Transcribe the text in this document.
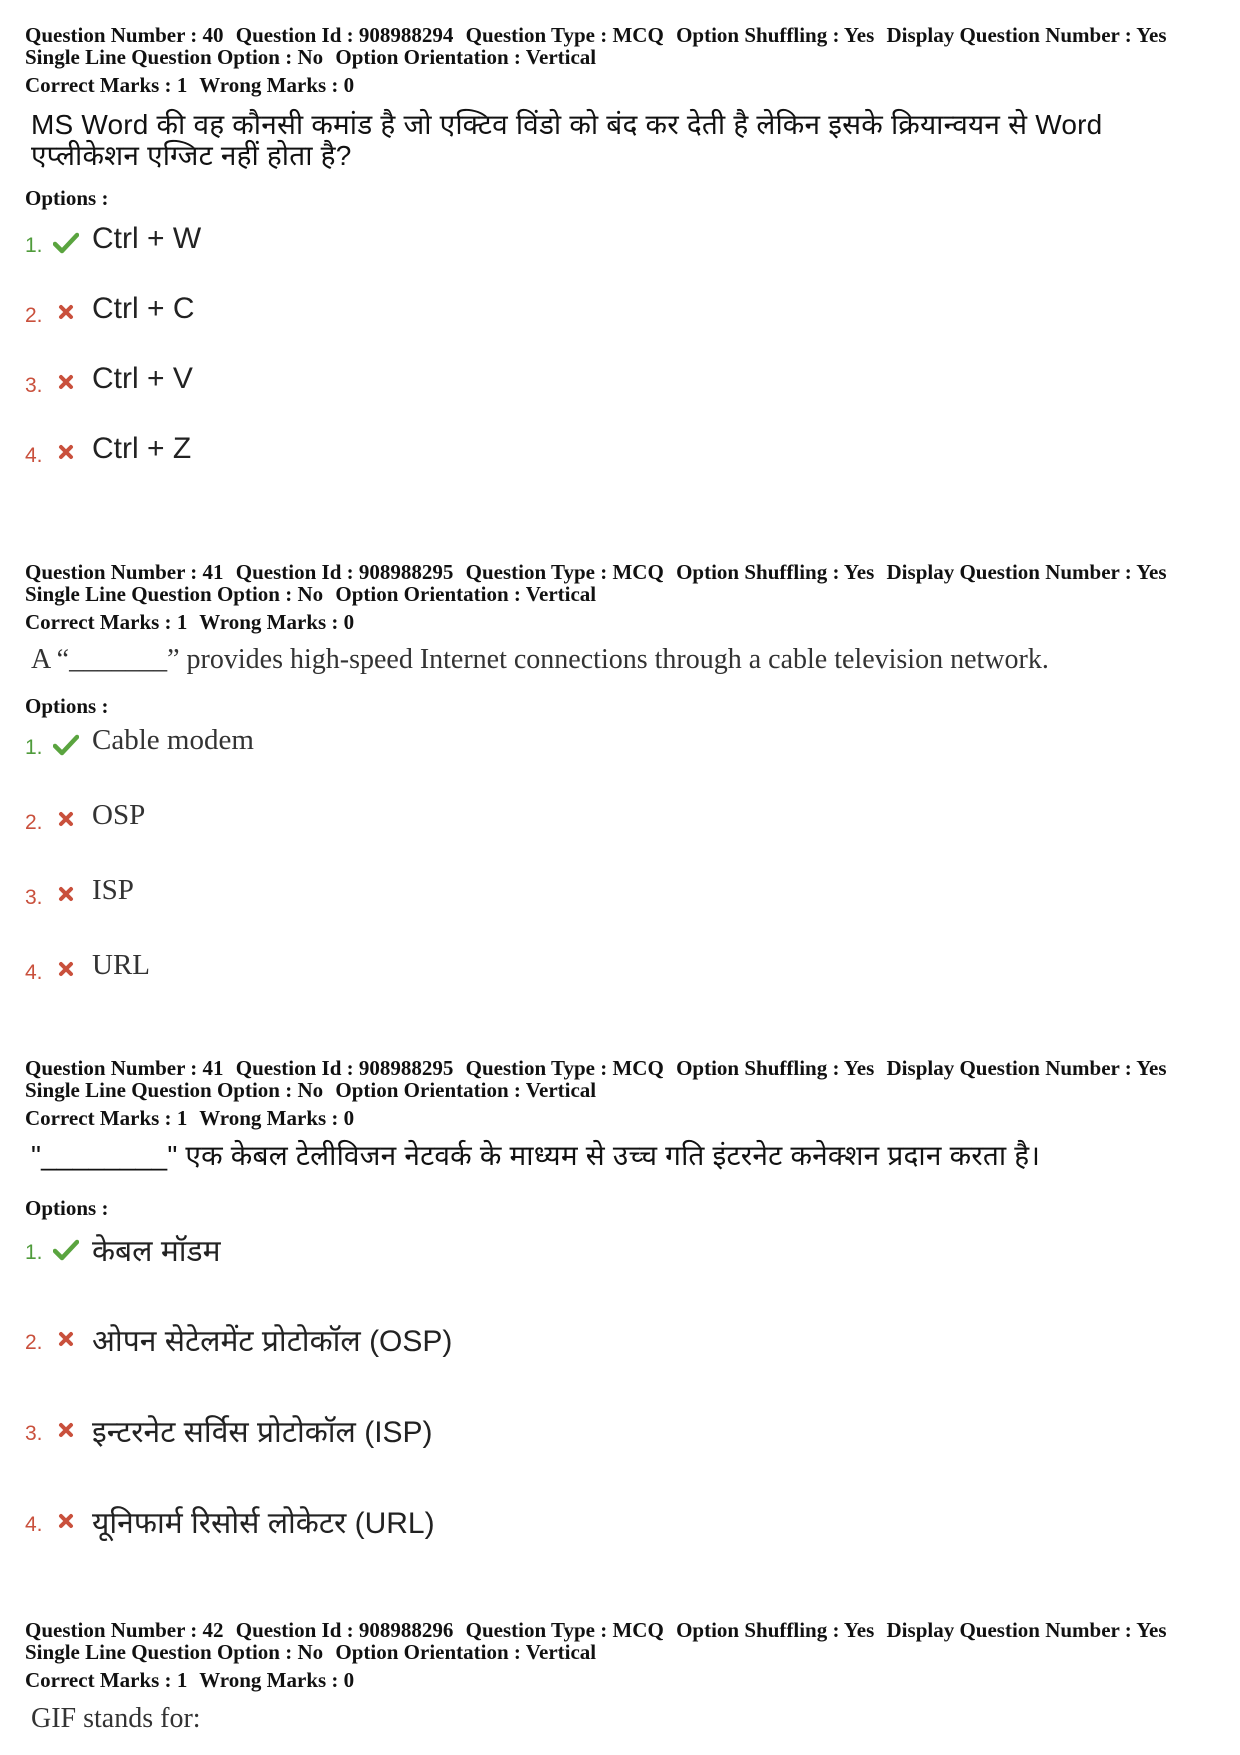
Question Number : 40 Question Id : 908988294 Question Type : MCQ Option Shuffling : Yes Display Question Number : Yes
Single Line Question Option : No Option Orientation : Vertical
Correct Marks : 1 Wrong Marks : 0
MS Word की वह कौनसी कमांड है जो एक्टिव विंडो को बंद कर देती है लेकिन इसके क्रियान्वयन से Word
एप्लीकेशन एग्जिट नहीं होता है?
Options :
1. Ctrl + W
2. Ctrl + C
3. Ctrl + V
4. Ctrl + Z
Question Number : 41 Question Id : 908988295 Question Type : MCQ Option Shuffling : Yes Display Question Number : Yes
Single Line Question Option : No Option Orientation : Vertical
Correct Marks : 1 Wrong Marks : 0
A “_______” provides high-speed Internet connections through a cable television network.
Options :
1. Cable modem
2. OSP
3. ISP
4. URL
Question Number : 41 Question Id : 908988295 Question Type : MCQ Option Shuffling : Yes Display Question Number : Yes
Single Line Question Option : No Option Orientation : Vertical
Correct Marks : 1 Wrong Marks : 0
"________" एक केबल टेलीविजन नेटवर्क के माध्यम से उच्च गति इंटरनेट कनेक्शन प्रदान करता है।
Options :
1. केबल मॉडम
2. ओपन सेटेलमेंट प्रोटोकॉल (OSP)
3. इन्टरनेट सर्विस प्रोटोकॉल (ISP)
4. यूनिफार्म रिसोर्स लोकेटर (URL)
Question Number : 42 Question Id : 908988296 Question Type : MCQ Option Shuffling : Yes Display Question Number : Yes
Single Line Question Option : No Option Orientation : Vertical
Correct Marks : 1 Wrong Marks : 0
GIF stands for:
